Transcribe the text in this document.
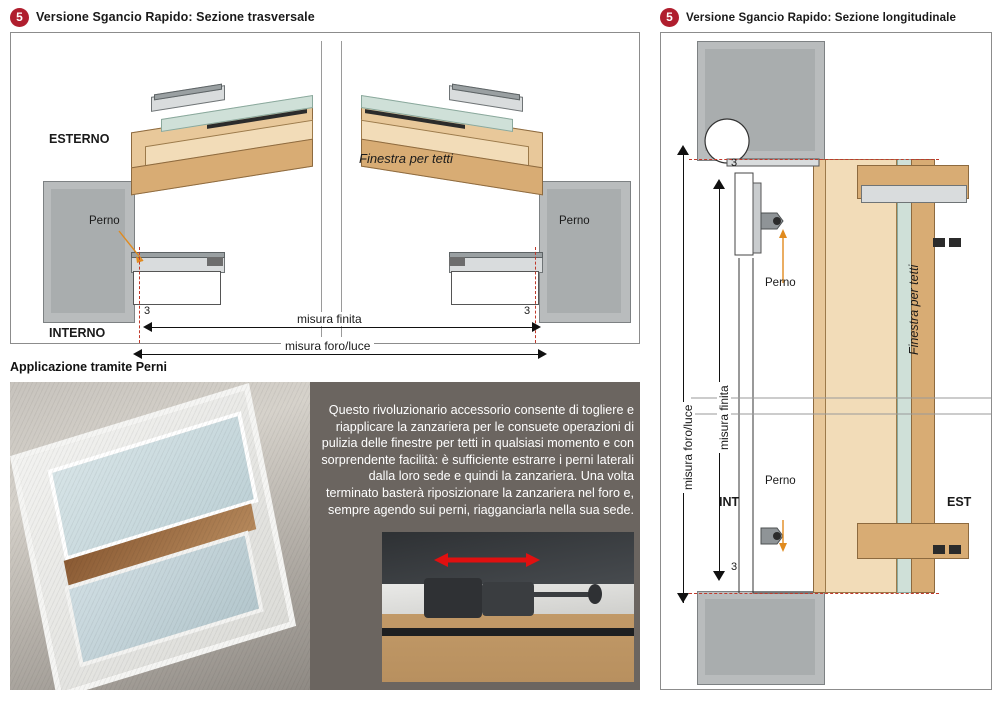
5	Versione Sgancio Rapido: Sezione trasversale
Perno
ESTERNO
INTERNO
Perno
Finestra per tetti
misura finita
misura foro/luce
3	3
Applicazione tramite Perni
Questo rivoluzionario accessorio consente di togliere e riapplicare la zanzariera per le consuete operazioni di pulizia delle finestre per tetti in qualsiasi momento e con sorprendente facilità: è sufficiente estrarre i perni laterali dalla loro sede e quindi la zanzariera. Una volta terminato basterà riposizionare la zanzariera nel foro e, sempre agendo sui perni, riagganciarla nella sua sede.
5	Versione Sgancio Rapido: Sezione longitudinale
misura foro/luce misura finita
3
3
Perno
Perno
Finestra per tetti
INT	EST
